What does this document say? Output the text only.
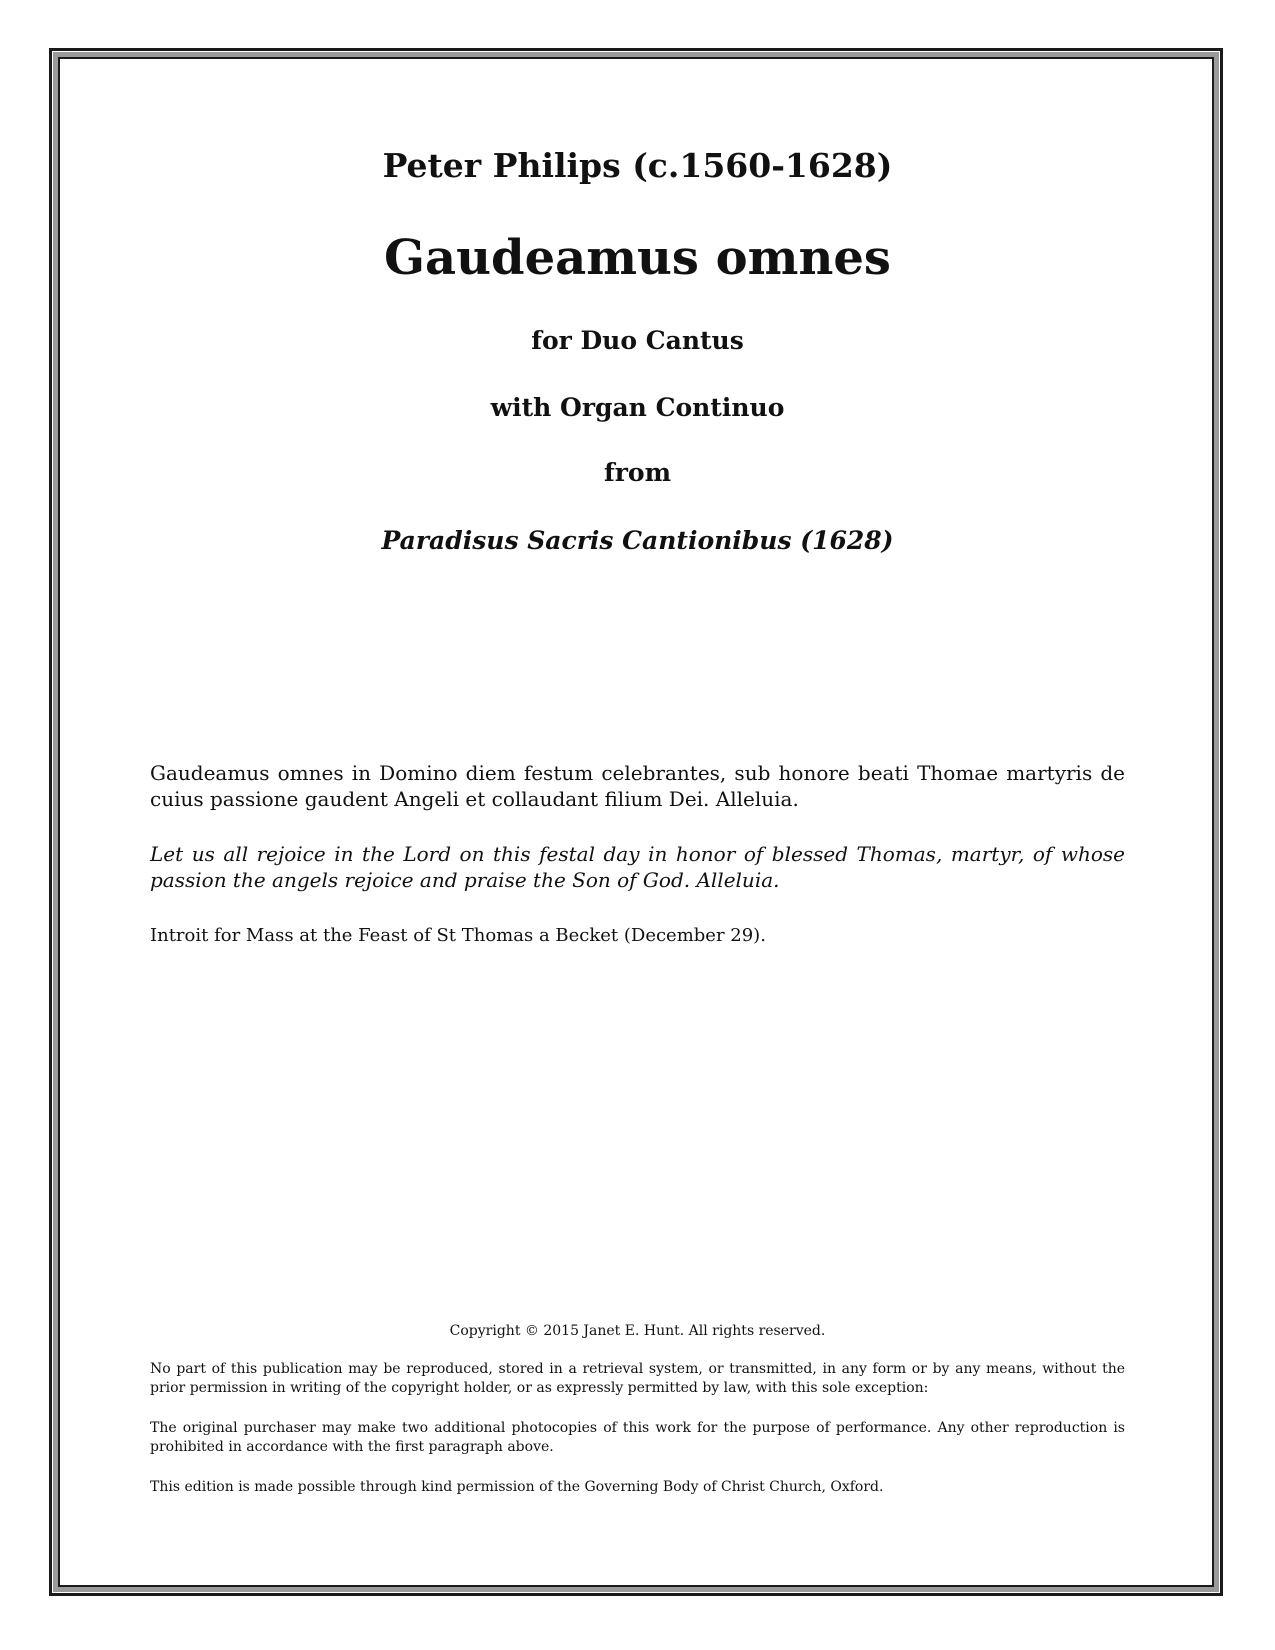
Peter Philips (c.1560-1628)
Gaudeamus omnes
for Duo Cantus
with Organ Continuo
from
Paradisus Sacris Cantionibus (1628)
Gaudeamus omnes in Domino diem festum celebrantes, sub honore beati Thomae martyris de cuius passione gaudent Angeli et collaudant filium Dei. Alleluia.
Let us all rejoice in the Lord on this festal day in honor of blessed Thomas, martyr, of whose passion the angels rejoice and praise the Son of God. Alleluia.
Introit for Mass at the Feast of St Thomas a Becket (December 29).
Copyright © 2015 Janet E. Hunt. All rights reserved.
No part of this publication may be reproduced, stored in a retrieval system, or transmitted, in any form or by any means, without the prior permission in writing of the copyright holder, or as expressly permitted by law, with this sole exception:
The original purchaser may make two additional photocopies of this work for the purpose of performance. Any other reproduction is prohibited in accordance with the first paragraph above.
This edition is made possible through kind permission of the Governing Body of Christ Church, Oxford.
